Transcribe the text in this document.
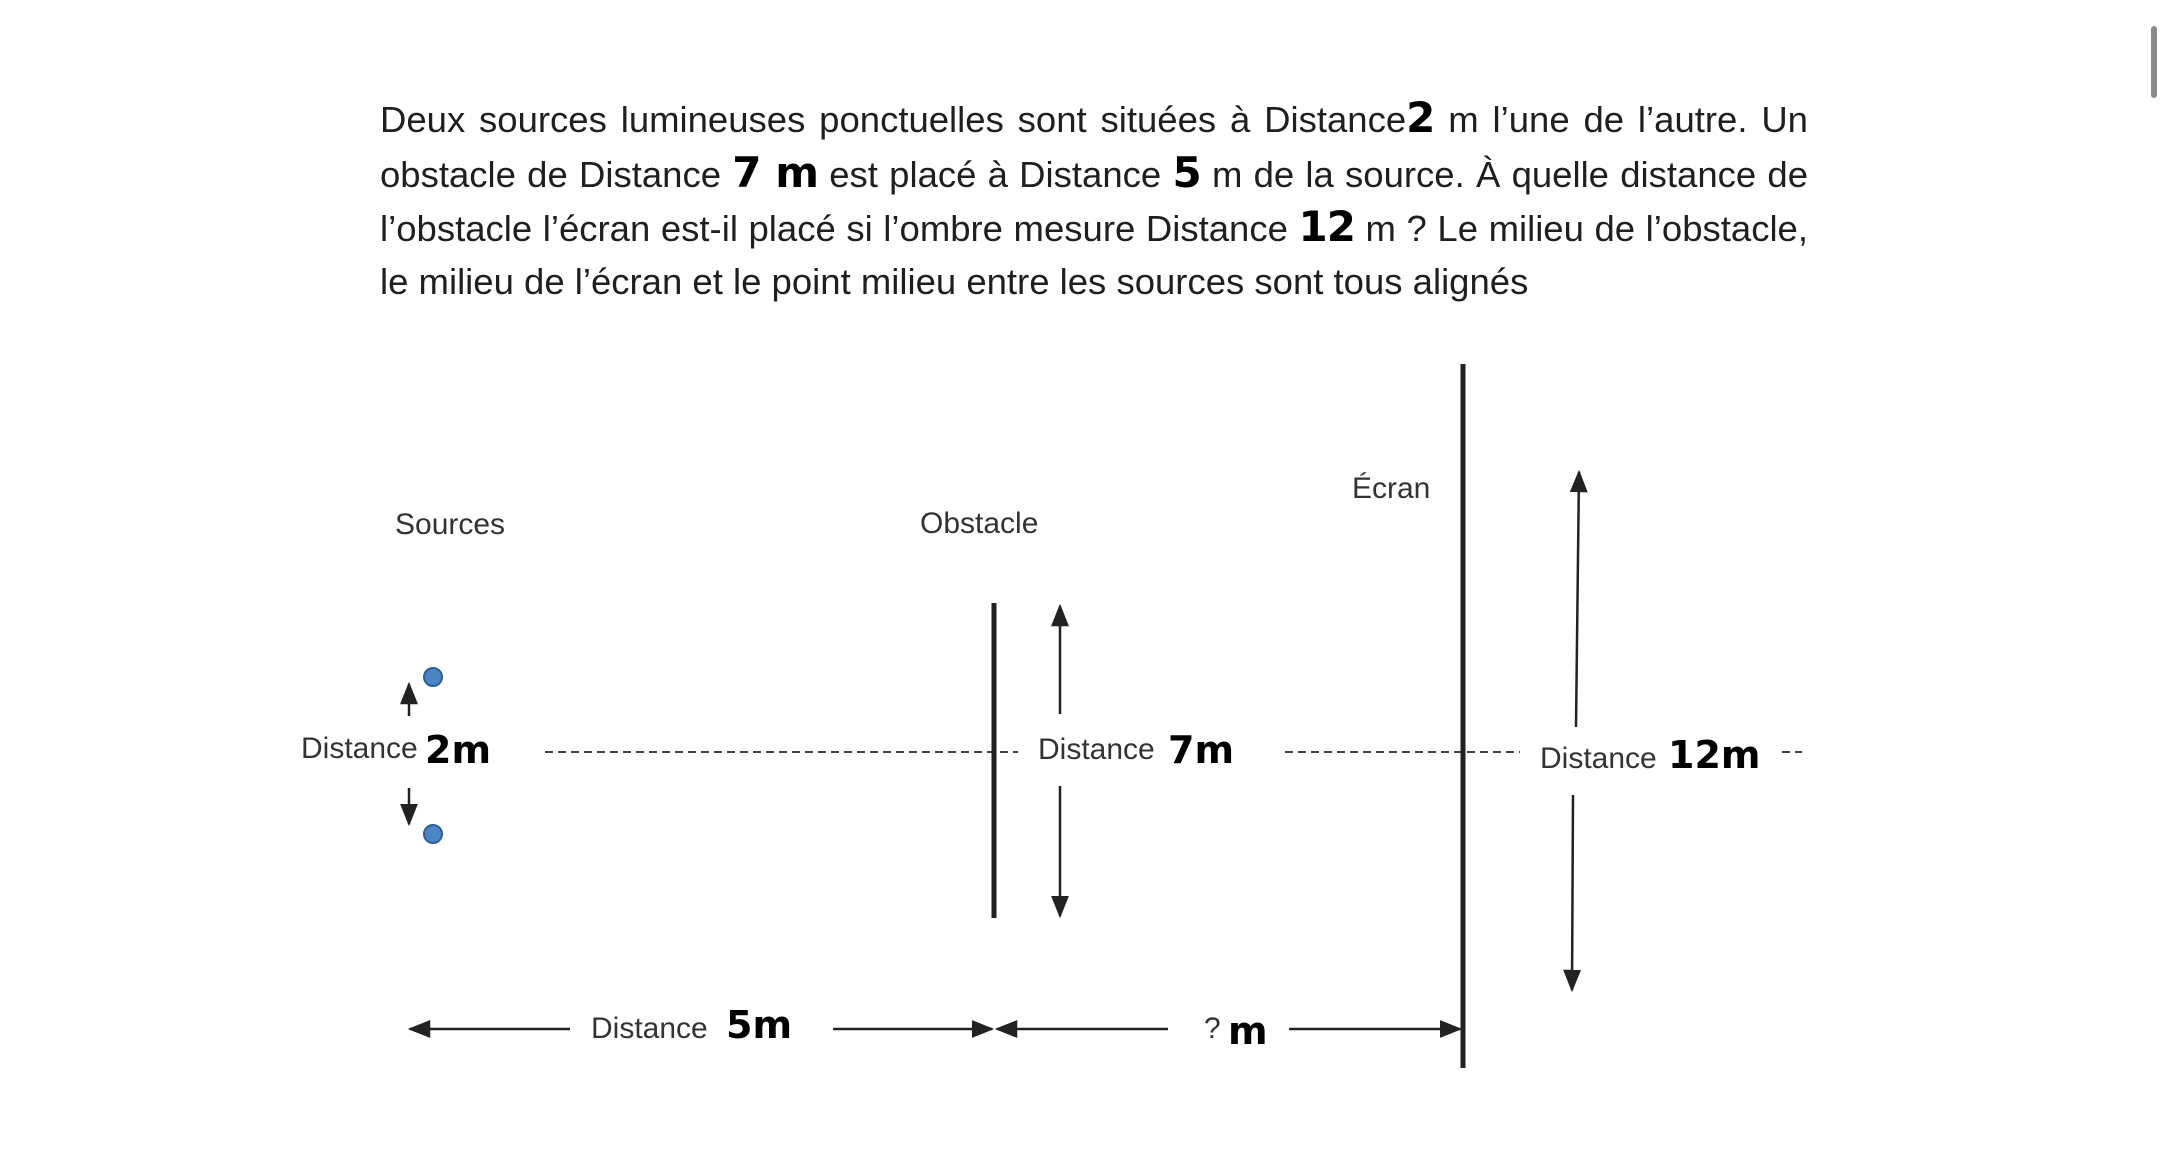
Deux sources lumineuses ponctuelles sont situées à Distance2 m l’une de l’autre. Un
obstacle de Distance 7 m est placé à Distance 5 m de la source. À quelle distance de
l’obstacle l’écran est-il placé si l’ombre mesure Distance 12 m ? Le milieu de l’obstacle,
le milieu de l’écran et le point milieu entre les sources sont tous alignés
Sources	Obstacle
Écran
Distance 2m	Distance 7m	Distance 12m
Distance 5m	? m
